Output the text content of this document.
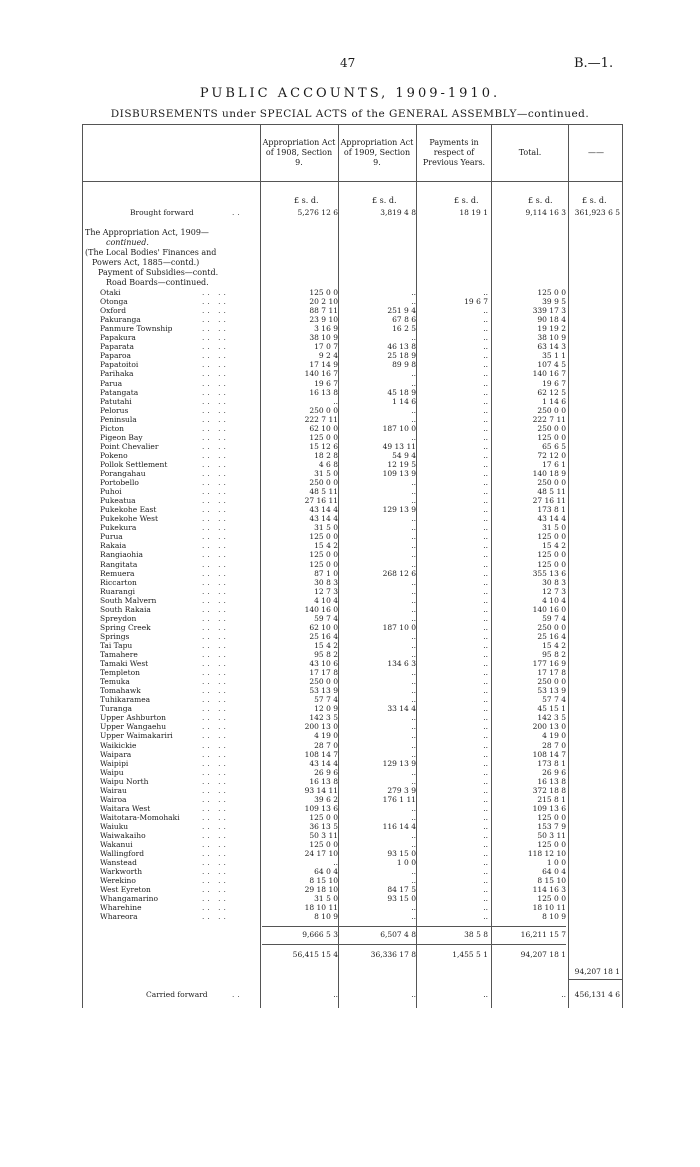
47	B.—1.
PUBLIC ACCOUNTS, 1909-1910.
DISBURSEMENTS under SPECIAL ACTS of the GENERAL ASSEMBLY—continued.
Appropriation Act of 1908, Section 9.
Appropriation Act of 1909, Section 9.
Payments in respect of Previous Years.
Total.	——
£ s. d.	£ s. d.	£ s. d.	£ s. d.	£ s. d.
Brought forward	..	5,276 12 6	3,819 4 8	18 19 1	9,114 16 3	361,923 6 5
The Appropriation Act, 1909—
continued.
(The Local Bodies' Finances and
Powers Act, 1885—contd.)
Payment of Subsidies—contd.
Road Boards—continued.
Otaki	.. ..	125 0 0	..	..	125 0 0
Otonga	.. ..	20 2 10	..	19 6 7	39 9 5
Oxford	.. ..	88 7 11	251 9 4	..	339 17 3
Pakuranga	.. ..	23 9 10	67 8 6	..	90 18 4
Panmure Township	.. ..	3 16 9	16 2 5	..	19 19 2
Papakura	.. ..	38 10 9	..	..	38 10 9
Paparata	.. ..	17 0 7	46 13 8	..	63 14 3
Paparoa	.. ..	9 2 4	25 18 9	..	35 1 1
Papatoitoi	.. ..	17 14 9	89 9 8	..	107 4 5
Parihaka	.. ..	140 16 7	..	..	140 16 7
Parua	.. ..	19 6 7	..	..	19 6 7
Patangata	.. ..	16 13 8	45 18 9	..	62 12 5
Patutahi	.. ..	..	1 14 6	..	1 14 6
Pelorus	.. ..	250 0 0	..	..	250 0 0
Peninsula	.. ..	222 7 11	..	..	222 7 11
Picton	.. ..	62 10 0	187 10 0	..	250 0 0
Pigeon Bay	.. ..	125 0 0	..	..	125 0 0
Point Chevalier	.. ..	15 12 6	49 13 11	..	65 6 5
Pokeno	.. ..	18 2 8	54 9 4	..	72 12 0
Pollok Settlement	.. ..	4 6 8	12 19 5	..	17 6 1
Porangahau	.. ..	31 5 0	109 13 9	..	140 18 9
Portobello	.. ..	250 0 0	..	..	250 0 0
Puhoi	.. ..	48 5 11	..	..	48 5 11
Pukeatua	.. ..	27 16 11	..	..	27 16 11
Pukekohe East	.. ..	43 14 4	129 13 9	..	173 8 1
Pukekohe West	.. ..	43 14 4	..	..	43 14 4
Pukekura	.. ..	31 5 0	..	..	31 5 0
Purua	.. ..	125 0 0	..	..	125 0 0
Rakaia	.. ..	15 4 2	..	..	15 4 2
Rangiaohia	.. ..	125 0 0	..	..	125 0 0
Rangitata	.. ..	125 0 0	..	..	125 0 0
Remuera	.. ..	87 1 0	268 12 6	..	355 13 6
Riccarton	.. ..	30 8 3	..	..	30 8 3
Ruarangi	.. ..	12 7 3	..	..	12 7 3
South Malvern	.. ..	4 10 4	..	..	4 10 4
South Rakaia	.. ..	140 16 0	..	..	140 16 0
Spreydon	.. ..	59 7 4	..	..	59 7 4
Spring Creek	.. ..	62 10 0	187 10 0	..	250 0 0
Springs	.. ..	25 16 4	..	..	25 16 4
Tai Tapu	.. ..	15 4 2	..	..	15 4 2
Tamahere	.. ..	95 8 2	..	..	95 8 2
Tamaki West	.. ..	43 10 6	134 6 3	..	177 16 9
Templeton	.. ..	17 17 8	..	..	17 17 8
Temuka	.. ..	250 0 0	..	..	250 0 0
Tomahawk	.. ..	53 13 9	..	..	53 13 9
Tuhikaramea	.. ..	57 7 4	..	..	57 7 4
Turanga	.. ..	12 0 9	33 14 4	..	45 15 1
Upper Ashburton	.. ..	142 3 5	..	..	142 3 5
Upper Wangaehu	.. ..	200 13 0	..	..	200 13 0
Upper Waimakariri	.. ..	4 19 0	..	..	4 19 0
Waikickie	.. ..	28 7 0	..	..	28 7 0
Waipara	.. ..	108 14 7	..	..	108 14 7
Waipipi	.. ..	43 14 4	129 13 9	..	173 8 1
Waipu	.. ..	26 9 6	..	..	26 9 6
Waipu North	.. ..	16 13 8	..	..	16 13 8
Wairau	.. ..	93 14 11	279 3 9	..	372 18 8
Wairoa	.. ..	39 6 2	176 1 11	..	215 8 1
Waitara West	.. ..	109 13 6	..	..	109 13 6
Waitotara-Momohaki	.. ..	125 0 0	..	..	125 0 0
Waiuku	.. ..	36 13 5	116 14 4	..	153 7 9
Waiwakaiho	.. ..	50 3 11	..	..	50 3 11
Wakanui	.. ..	125 0 0	..	..	125 0 0
Wallingford	.. ..	24 17 10	93 15 0	..	118 12 10
Wanstead	.. ..	..	1 0 0	..	1 0 0
Warkworth	.. ..	64 0 4	..	..	64 0 4
Werekino	.. ..	8 15 10	..	..	8 15 10
West Eyreton	.. ..	29 18 10	84 17 5	..	114 16 3
Whangamarino	.. ..	31 5 0	93 15 0	..	125 0 0
Wharehine	.. ..	18 10 11	..	..	18 10 11
Whareora	.. ..	8 10 9	..	..	8 10 9
9,666 5 3	6,507 4 8	38 5 8	16,211 15 7
56,415 15 4	36,336 17 8	1,455 5 1	94,207 18 1
94,207 18 1
Carried forward	..	..	..	..	..	456,131 4 6
